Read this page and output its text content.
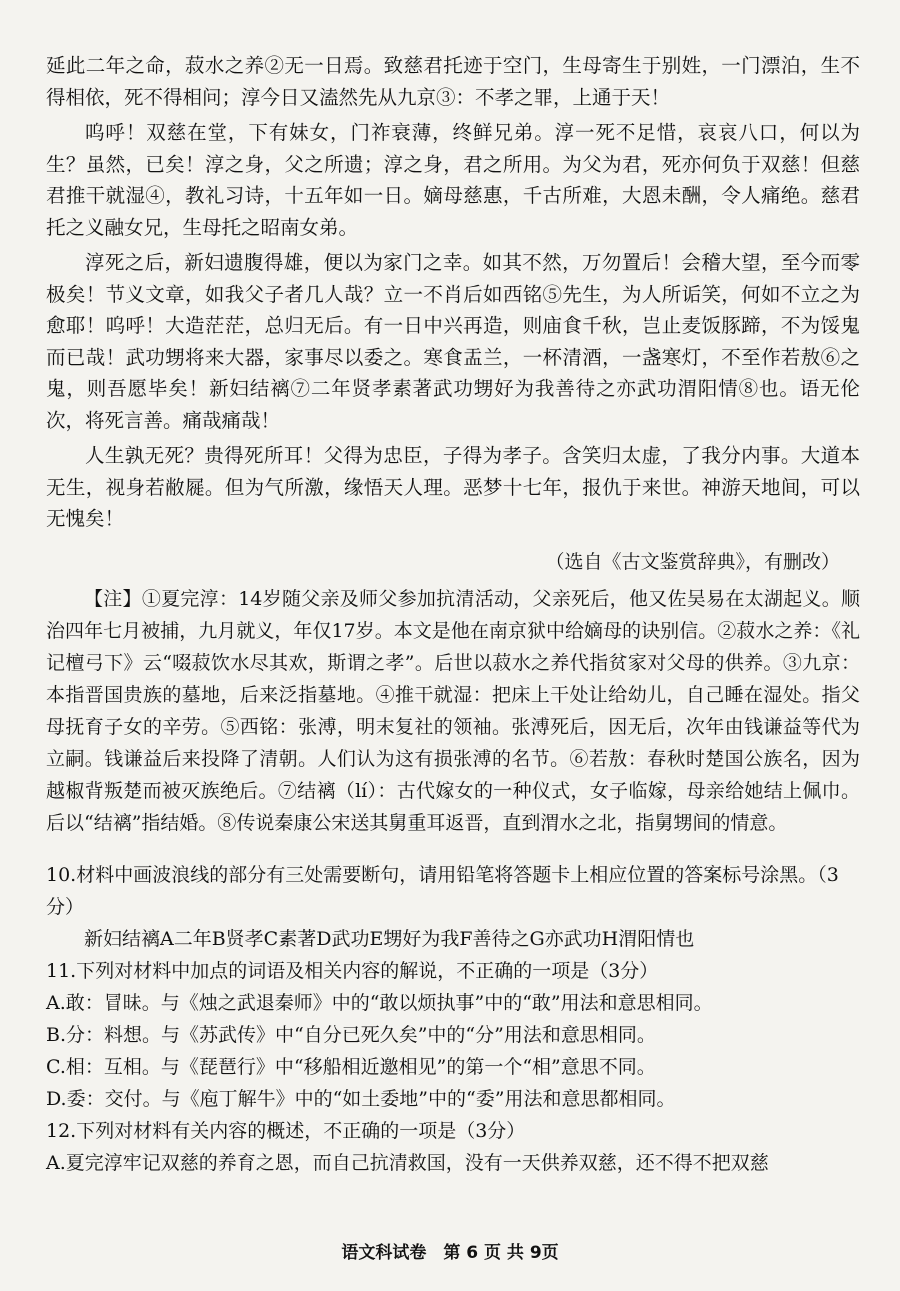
延此二年之命，菽水之养②无一日焉。致慈君托迹于空门，生母寄生于别姓，一门漂泊，生不得相依，死不得相问；淳今日又溘然先从九京③：不孝之罪，上通于天！

呜呼！双慈在堂，下有妹女，门祚衰薄，终鲜兄弟。淳一死不足惜，哀哀八口，何以为生？虽然，已矣！淳之身，父之所遗；淳之身，君之所用。为父为君，死亦何负于双慈！但慈君推干就湿④，教礼习诗，十五年如一日。嫡母慈惠，千古所难，大恩未酬，令人痛绝。慈君托之义融女兄，生母托之昭南女弟。

淳死之后，新妇遗腹得雄，便以为家门之幸。如其不然，万勿置后！会稽大望，至今而零极矣！节义文章，如我父子者几人哉？立一不肖后如西铭⑤先生，为人所诟笑，何如不立之为愈耶！呜呼！大造茫茫，总归无后。有一日中兴再造，则庙食千秋，岂止麦饭豚蹄，不为馁鬼而已哉！武功甥将来大器，家事尽以委之。寒食盂兰，一杯清酒，一盏寒灯，不至作若敖⑥之鬼，则吾愿毕矣！新妇结褵⑦二年贤孝素著武功甥好为我善待之亦武功渭阳情⑧也。语无伦次，将死言善。痛哉痛哉！

人生孰无死？贵得死所耳！父得为忠臣，子得为孝子。含笑归太虚，了我分内事。大道本无生，视身若敝屣。但为气所激，缘悟天人理。恶梦十七年，报仇于来世。神游天地间，可以无愧矣！

（选自《古文鉴赏辞典》，有删改）

【注】①夏完淳：14岁随父亲及师父参加抗清活动，父亲死后，他又佐吴易在太湖起义。顺治四年七月被捕，九月就义，年仅17岁。本文是他在南京狱中给嫡母的诀别信。②菽水之养：《礼记檀弓下》云“啜菽饮水尽其欢，斯谓之孝”。后世以菽水之养代指贫家对父母的供养。③九京：本指晋国贵族的墓地，后来泛指墓地。④推干就湿：把床上干处让给幼儿，自己睡在湿处。指父母抚育子女的辛劳。⑤西铭：张溥，明末复社的领袖。张溥死后，因无后，次年由钱谦益等代为立嗣。钱谦益后来投降了清朝。人们认为这有损张溥的名节。⑥若敖：春秋时楚国公族名，因为越椒背叛楚而被灭族绝后。⑦结褵（lí）：古代嫁女的一种仪式，女子临嫁，母亲给她结上佩巾。后以“结褵”指结婚。⑧传说秦康公宋送其舅重耳返晋，直到渭水之北，指舅甥间的情意。

10.材料中画波浪线的部分有三处需要断句，请用铅笔将答题卡上相应位置的答案标号涂黑。（3分）

新妇结褵A二年B贤孝C素著D武功E甥好为我F善待之G亦武功H渭阳情也

11.下列对材料中加点的词语及相关内容的解说，不正确的一项是（3分）

A.敢：冒昧。与《烛之武退秦师》中的“敢以烦执事”中的“敢”用法和意思相同。

B.分：料想。与《苏武传》中“自分已死久矣”中的“分”用法和意思相同。

C.相：互相。与《琵琶行》中“移船相近邀相见”的第一个“相”意思不同。

D.委：交付。与《庖丁解牛》中的“如土委地”中的“委”用法和意思都相同。

12.下列对材料有关内容的概述，不正确的一项是（3分）

A.夏完淳牢记双慈的养育之恩，而自己抗清救国，没有一天供养双慈，还不得不把双慈

语文科试卷　第 6 页 共 9页
